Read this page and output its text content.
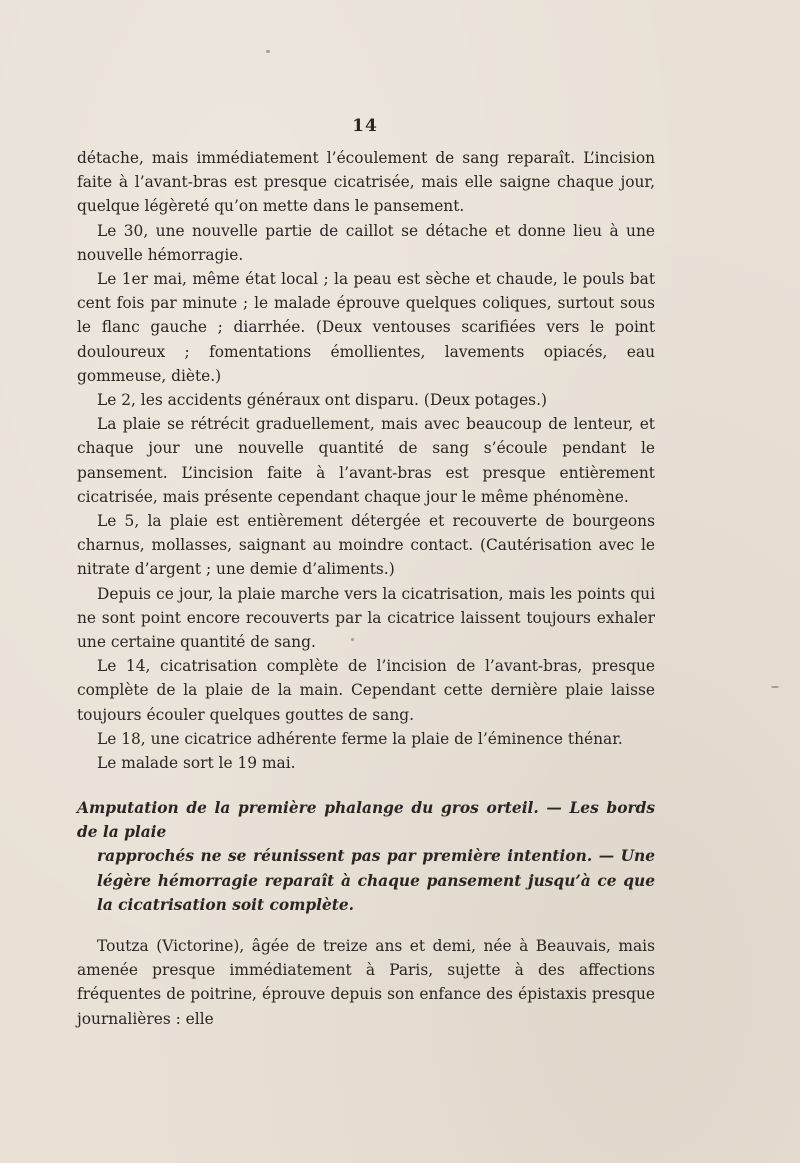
14

détache, mais immédiatement l’écoulement de sang reparaît. L’incision faite à l’avant-bras est presque cicatrisée, mais elle saigne chaque jour, quelque légèreté qu’on mette dans le pansement.

Le 30, une nouvelle partie de caillot se détache et donne lieu à une nouvelle hémorragie.

Le 1er mai, même état local ; la peau est sèche et chaude, le pouls bat cent fois par minute ; le malade éprouve quelques coliques, surtout sous le flanc gauche ; diarrhée. (Deux ventouses scarifiées vers le point douloureux ; fomentations émollientes, lavements opiacés, eau gommeuse, diète.)

Le 2, les accidents généraux ont disparu. (Deux potages.)

La plaie se rétrécit graduellement, mais avec beaucoup de lenteur, et chaque jour une nouvelle quantité de sang s’écoule pendant le pansement. L’incision faite à l’avant-bras est presque entièrement cicatrisée, mais présente cependant chaque jour le même phénomène.

Le 5, la plaie est entièrement détergée et recouverte de bourgeons charnus, mollasses, saignant au moindre contact. (Cautérisation avec le nitrate d’argent ; une demie d’aliments.)

Depuis ce jour, la plaie marche vers la cicatrisation, mais les points qui ne sont point encore recouverts par la cicatrice laissent toujours exhaler une certaine quantité de sang.

Le 14, cicatrisation complète de l’incision de l’avant-bras, presque complète de la plaie de la main. Cependant cette dernière plaie laisse toujours écouler quelques gouttes de sang.

Le 18, une cicatrice adhérente ferme la plaie de l’éminence thénar.

Le malade sort le 19 mai.

Amputation de la première phalange du gros orteil. — Les bords de la plaie
rapprochés ne se réunissent pas par première intention. — Une légère hémorragie reparaît à chaque pansement jusqu’à ce que la cicatrisation soit complète.

Toutza (Victorine), âgée de treize ans et demi, née à Beauvais, mais amenée presque immédiatement à Paris, sujette à des affections fréquentes de poitrine, éprouve depuis son enfance des épistaxis presque journalières : elle
